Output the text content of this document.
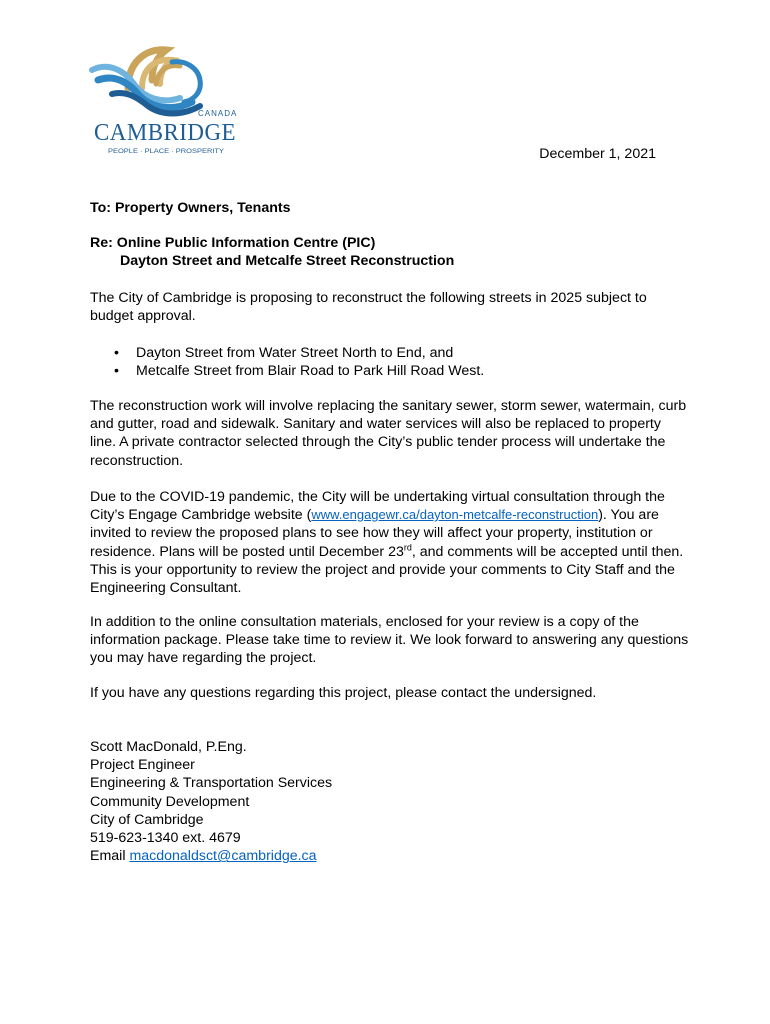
CANADA
CAMBRIDGE
PEOPLE · PLACE · PROSPERITY	December 1, 2021
To: Property Owners, Tenants
Re: Online Public Information Centre (PIC)
Dayton Street and Metcalfe Street Reconstruction

The City of Cambridge is proposing to reconstruct the following streets in 2025 subject to budget approval.

• Dayton Street from Water Street North to End, and
• Metcalfe Street from Blair Road to Park Hill Road West.

The reconstruction work will involve replacing the sanitary sewer, storm sewer, watermain, curb and gutter, road and sidewalk. Sanitary and water services will also be replaced to property line. A private contractor selected through the City’s public tender process will undertake the reconstruction.

Due to the COVID-19 pandemic, the City will be undertaking virtual consultation through the City’s Engage Cambridge website (www.engagewr.ca/dayton-metcalfe-reconstruction). You are invited to review the proposed plans to see how they will affect your property, institution or residence. Plans will be posted until December 23rd, and comments will be accepted until then. This is your opportunity to review the project and provide your comments to City Staff and the Engineering Consultant.

In addition to the online consultation materials, enclosed for your review is a copy of the information package. Please take time to review it. We look forward to answering any questions you may have regarding the project.

If you have any questions regarding this project, please contact the undersigned.

Scott MacDonald, P.Eng.
Project Engineer
Engineering & Transportation Services
Community Development
City of Cambridge
519-623-1340 ext. 4679
Email macdonaldsct@cambridge.ca
